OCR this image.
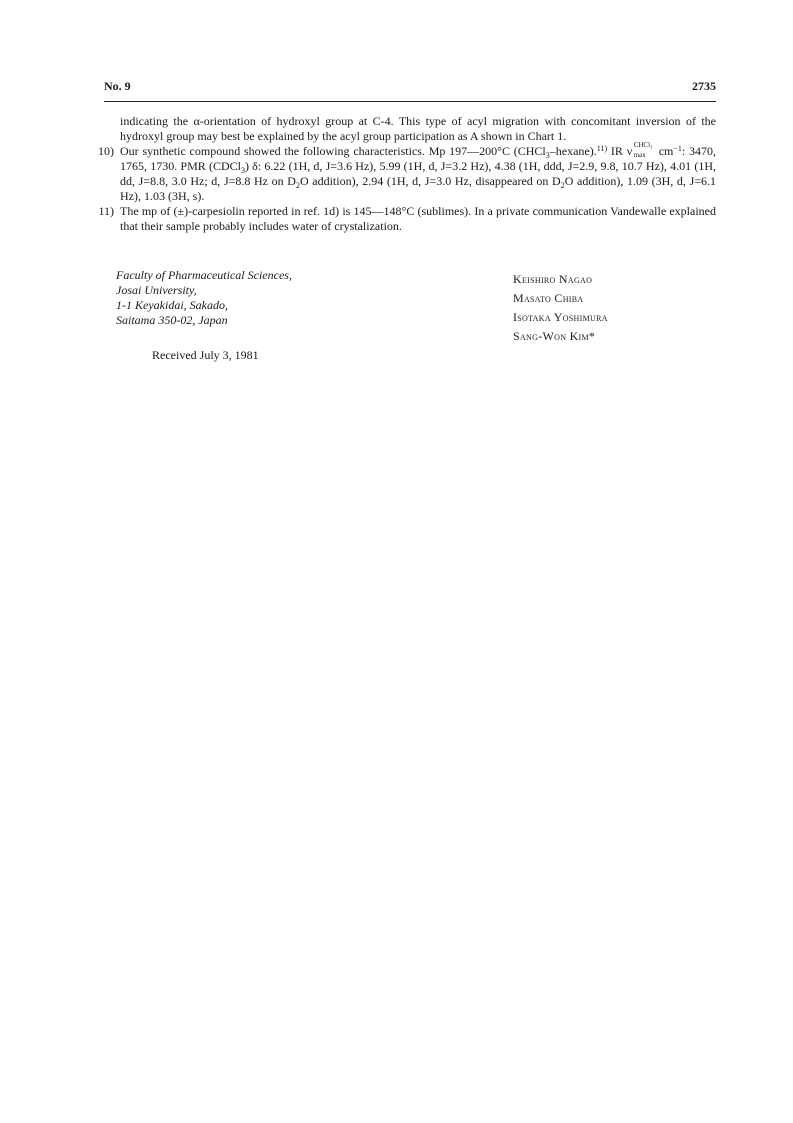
No. 9	2735

indicating the α-orientation of hydroxyl group at C-4. This type of acyl migration with concomitant inversion of the hydroxyl group may best be explained by the acyl group participation as A shown in Chart 1.

10) Our synthetic compound showed the following characteristics. Mp 197—200°C (CHCl$_3$–hexane).$^{11)}$ IR ν CHCl₃
$\max cm^{-1}$: 3470, 1765, 1730. PMR (CDCl$_3$) δ: 6.22 (1H, d, J=3.6 Hz), 5.99 (1H, d, J=3.2 Hz), 4.38 (1H, ddd, J=2.9, 9.8, 10.7 Hz), 4.01 (1H, dd, J=8.8, 3.0 Hz; d, J=8.8 Hz on $D_2O$ addition), 2.94 (1H, d, J=3.0 Hz, disappeared on $D_2O$ addition), 1.09 (3H, d, J=6.1 Hz), 1.03 (3H, s).

11) The mp of (±)-carpesiolin reported in ref. 1d) is 145—148°C (sublimes). In a private communication Vandewalle explained that their sample probably includes water of crystalization.

Faculty of Pharmaceutical Sciences,
Josai University,
1-1 Keyakidai, Sakado,
Saitama 350-02, Japan
Keishiro Nagao
Masato Chiba
Isotaka Yoshimura
Sang-Won Kim*
Received July 3, 1981
